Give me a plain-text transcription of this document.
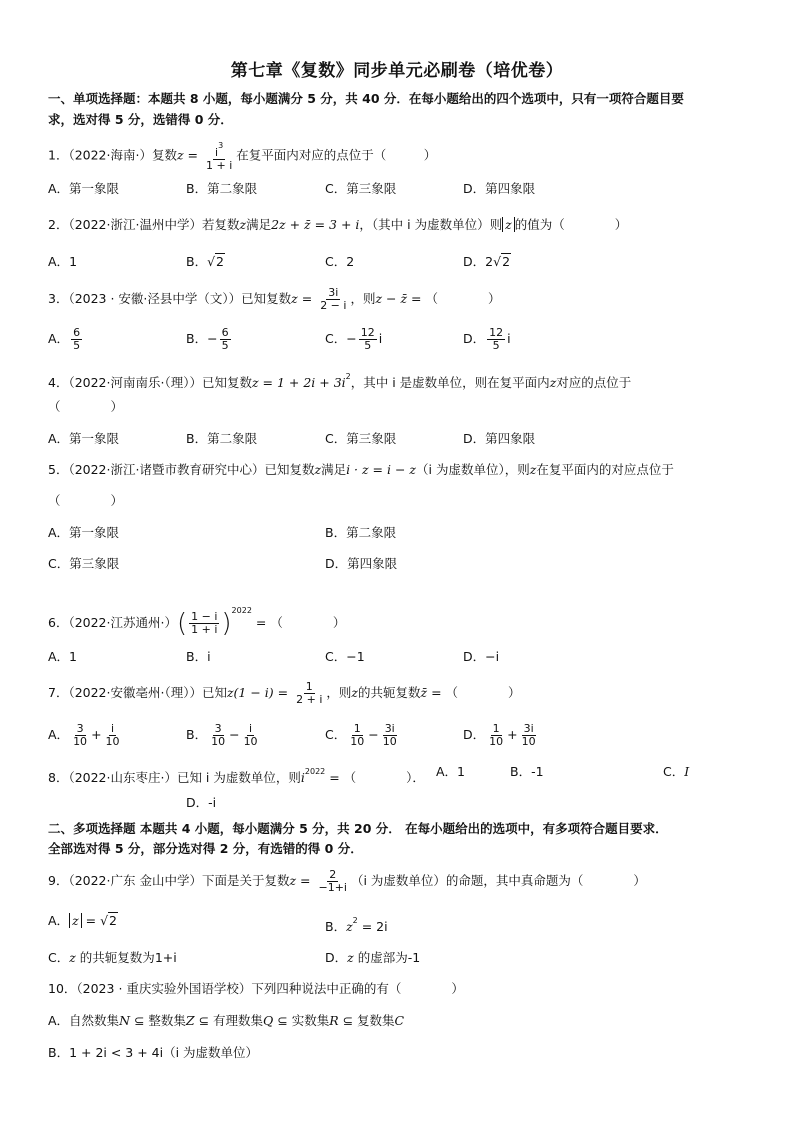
第七章《复数》同步单元必刷卷（培优卷）
一、单项选择题：本题共 8 小题，每小题满分 5 分，共 40 分．在每小题给出的四个选项中，只有一项符合题目要
求，选对得 5 分，选错得 0 分．
1．（2022·海南·）复数$z = \frac{i^3}{1 + i}$ 在复平面内对应的点位于（　　　）
A．第一象限	B．第二象限	C．第三象限	D．第四象限
2．（2022·浙江·温州中学）若复数z满足2z + z̄ = 3 + i，（其中 i 为虚数单位）则 z 的值为（　　　　）
A．1	B．√2	C．2	D．2√2
3．（2023 · 安徽·泾县中学（文））已知复数$z = \frac{3i}{2 - i}$ ，则z − z̄ = （　　　　）
A． $\frac{6}{5}$	B．− $\frac{6}{5}$	C．− $\frac{12}{5}$ i	D． $\frac{12}{5}$ i
4．（2022·河南南乐·（理））已知复数$z = 1 + 2i + 3i^2$，其中 i 是虚数单位，则在复平面内z对应的点位于
（　　　　）
A．第一象限	B．第二象限	C．第三象限	D．第四象限
5．（2022·浙江·诸暨市教育研究中心）已知复数z满足i · z = i − z（i 为虚数单位），则z在复平面内的对应点位于
（　　　　）
A．第一象限	B．第二象限
C．第三象限	D．第四象限
6．（2022·江苏通州·）( $\frac{1 - i}{1 + i} )^{2022}$ = （　　　　）
A．1	B．i	C．−1	D．−i
7．（2022·安徽亳州·（理））已知$z(1 - i) = \frac{1}{2 + i}$ ，则z的共轭复数z̄ = （　　　　）
A． $\frac{3}{10} + \frac{i}{10}$	B． $\frac{3}{10} - \frac{i}{10}$	C． $\frac{1}{10} - \frac{3i}{10}$	D． $\frac{1}{10} + \frac{3i}{10}$
8．（2022·山东枣庄·）已知 i 为虚数单位，则$i^{2022}$ = （　　　　）． A．1	B．-1	C．I
D．-i
二、多项选择题 本题共 4 小题，每小题满分 5 分，共 20 分． 在每小题给出的选项中，有多项符合题目要求．
全部选对得 5 分，部分选对得 2 分，有选错的得 0 分．
9．（2022·广东 金山中学）下面是关于复数$z = \frac{2}{-1+i} (i$ 为虚数单位）的命题，其中真命题为（　　　　）
A． z = √2	B．$z^2 = 2i$
C．z 的共轭复数为1+i	D．z 的虚部为-1
10．（2023 · 重庆实验外国语学校）下列四种说法中正确的有（　　　　）
A．自然数集N ⊆ 整数集Z ⊆ 有理数集Q ⊆ 实数集R ⊆ 复数集C
B．1 + 2i < 3 + 4i（i 为虚数单位）
